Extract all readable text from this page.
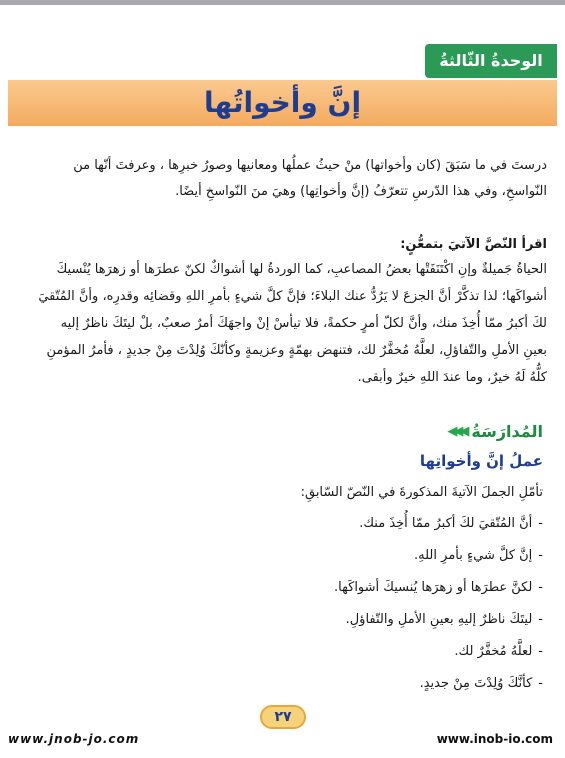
الوحدةُ الثّالثةُ
إنَّ وأخواتُها
درستَ في ما سَبَقَ (كان وأخواتها) منْ حيثُ عملُها ومعانيها وصورُ خبرِها ، وعرفتَ أنّها من
النّواسخِ، وفي هذا الدّرسِ تتعرّفُ (إنَّ وأخواتِها) وهيَ منَ النّواسخِ أيضًا.
اقرأ النّصَّ الآتيَ بتمعُّنٍ:
الحياةُ جَميلةٌ وإنِ اكْتَنَفَتْها بعضُ المصاعبِ، كما الوردةُ لها أشواكٌ لكنّ عطرَها أو زهرَها يُنْسيكَ
أشواكَها؛ لذا تذكَّرْ أنَّ الجزعَ لا يَرُدُّ عنك البلاءَ؛ فإنَّ كلَّ شيءٍ بأمرِ اللهِ وقضائِه وقدرِه، وأنَّ المُتّقيَ
لكَ أكبرُ ممّا أُخِذَ منك، وأنَّ لكلّ أمرٍ حكمةً، فلا تيأسْ إنْ واجهَكَ أمرٌ صعبٌ، بلْ ليتَكَ ناظرٌ إليه
بعينِ الأملِ والتّفاؤلِ، لعلَّهُ مُخفَّرٌ لك، فتنهض بهمّةٍ وعزيمةٍ وكأنّكَ وُلِدْتَ مِنْ جديدٍ ، فأمرُ المؤمنِ
كلُّهُ لَهُ خيرٌ، وما عندَ اللهِ خيرٌ وأبقى.
المُدارَسَةُ
◀◀◀
عملُ إنَّ وأخواتِها
تأمّلِ الجملَ الآتيةَ المذكورةَ في النّصّ السّابقِ:
-أنَّ المُتّقيَ لكَ أكبرُ ممّا أُخِذَ منك.
-إنَّ كلَّ شيءٍ بأمرِ اللهِ.
-لكنَّ عطرَها أو زهرَها يُنسيكَ أشواكَها.
-ليتَكَ ناظرٌ إليهِ بعينِ الأملِ والتّفاؤلِ.
-لعلَّهُ مُخفَّرٌ لك.
-كأنَّكَ وُلِدْتَ مِنْ جديدٍ.
٢٧
www.jnob-jo.com	www.inob-io.com
